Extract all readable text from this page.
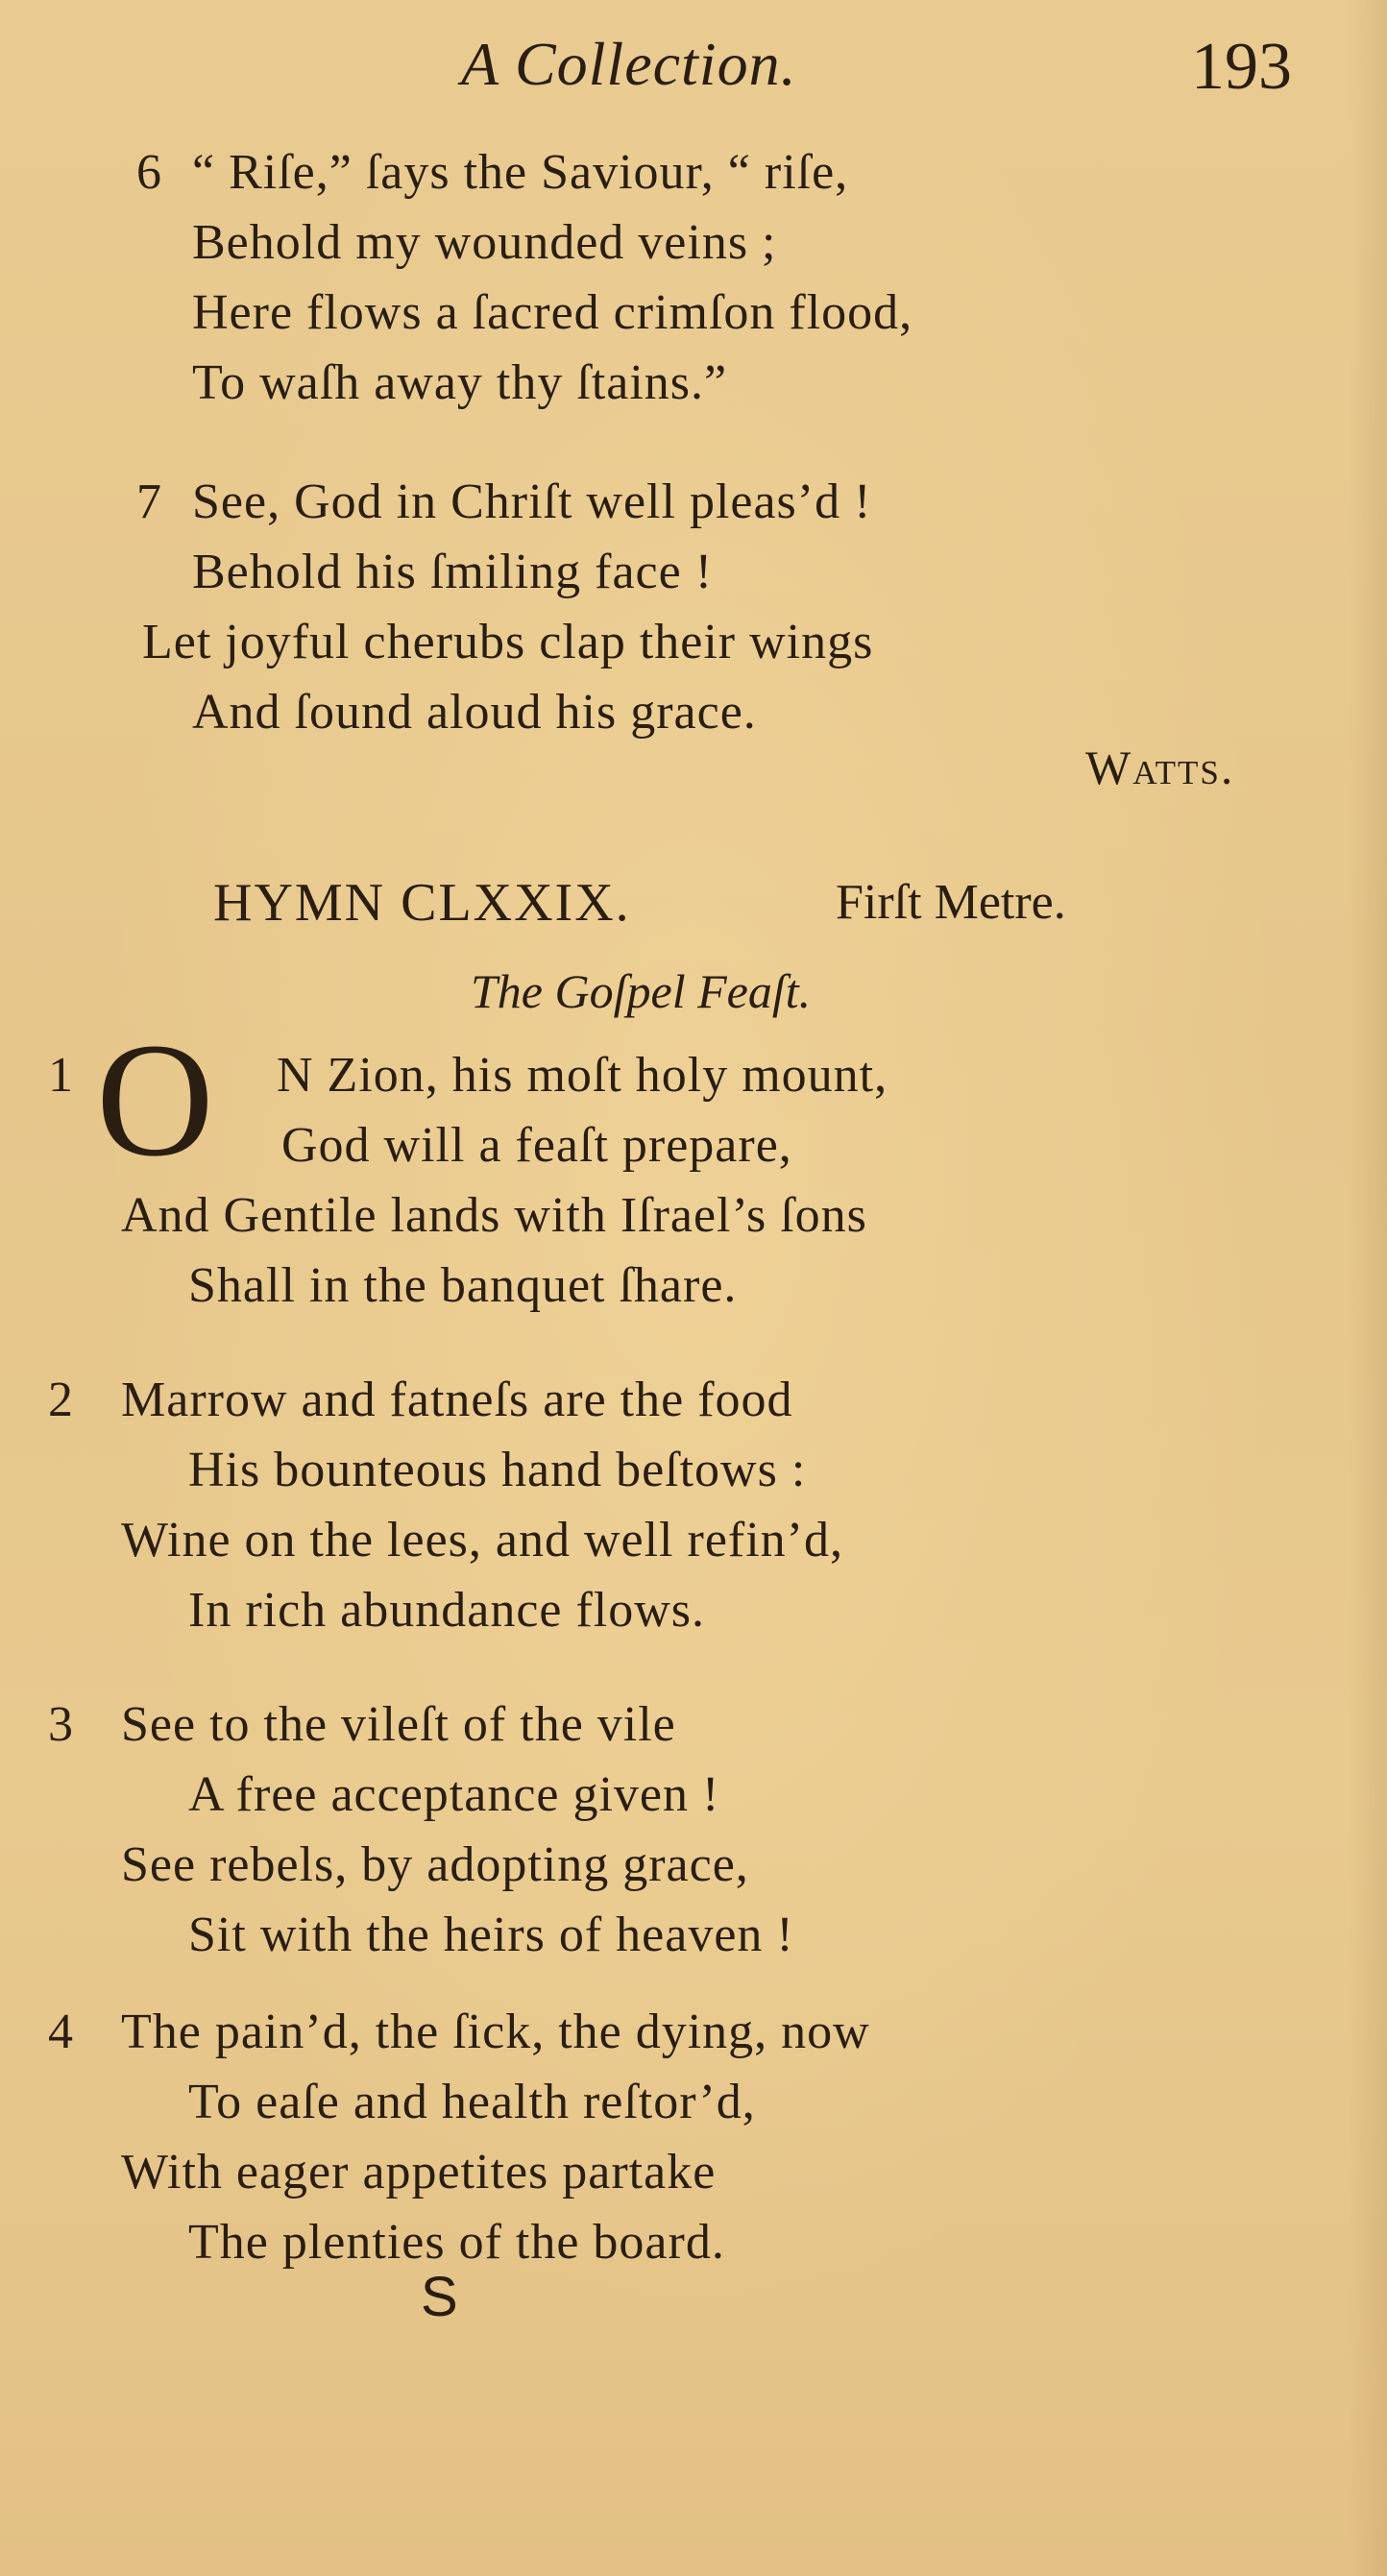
A Collection.	193
6 “ Riſe,” ſays the Saviour, “ riſe,
Behold my wounded veins ;
Here flows a ſacred crimſon flood,
To waſh away thy ſtains.”
7 See, God in Chriſt well pleas’d !
Behold his ſmiling face !
Let joyful cherubs clap their wings
And ſound aloud his grace.
Watts.
HYMN CLXXIX.	Firſt Metre.
The Goſpel Feaſt.
1 O N Zion, his moſt holy mount,
God will a feaſt prepare,
And Gentile lands with Iſrael’s ſons
Shall in the banquet ſhare.
2 Marrow and fatneſs are the food
His bounteous hand beſtows :
Wine on the lees, and well refin’d,
In rich abundance flows.
3 See to the vileſt of the vile
A free acceptance given !
See rebels, by adopting grace,
Sit with the heirs of heaven !
4 The pain’d, the ſick, the dying, now
To eaſe and health reſtor’d,
With eager appetites partake
The plenties of the board.
S
